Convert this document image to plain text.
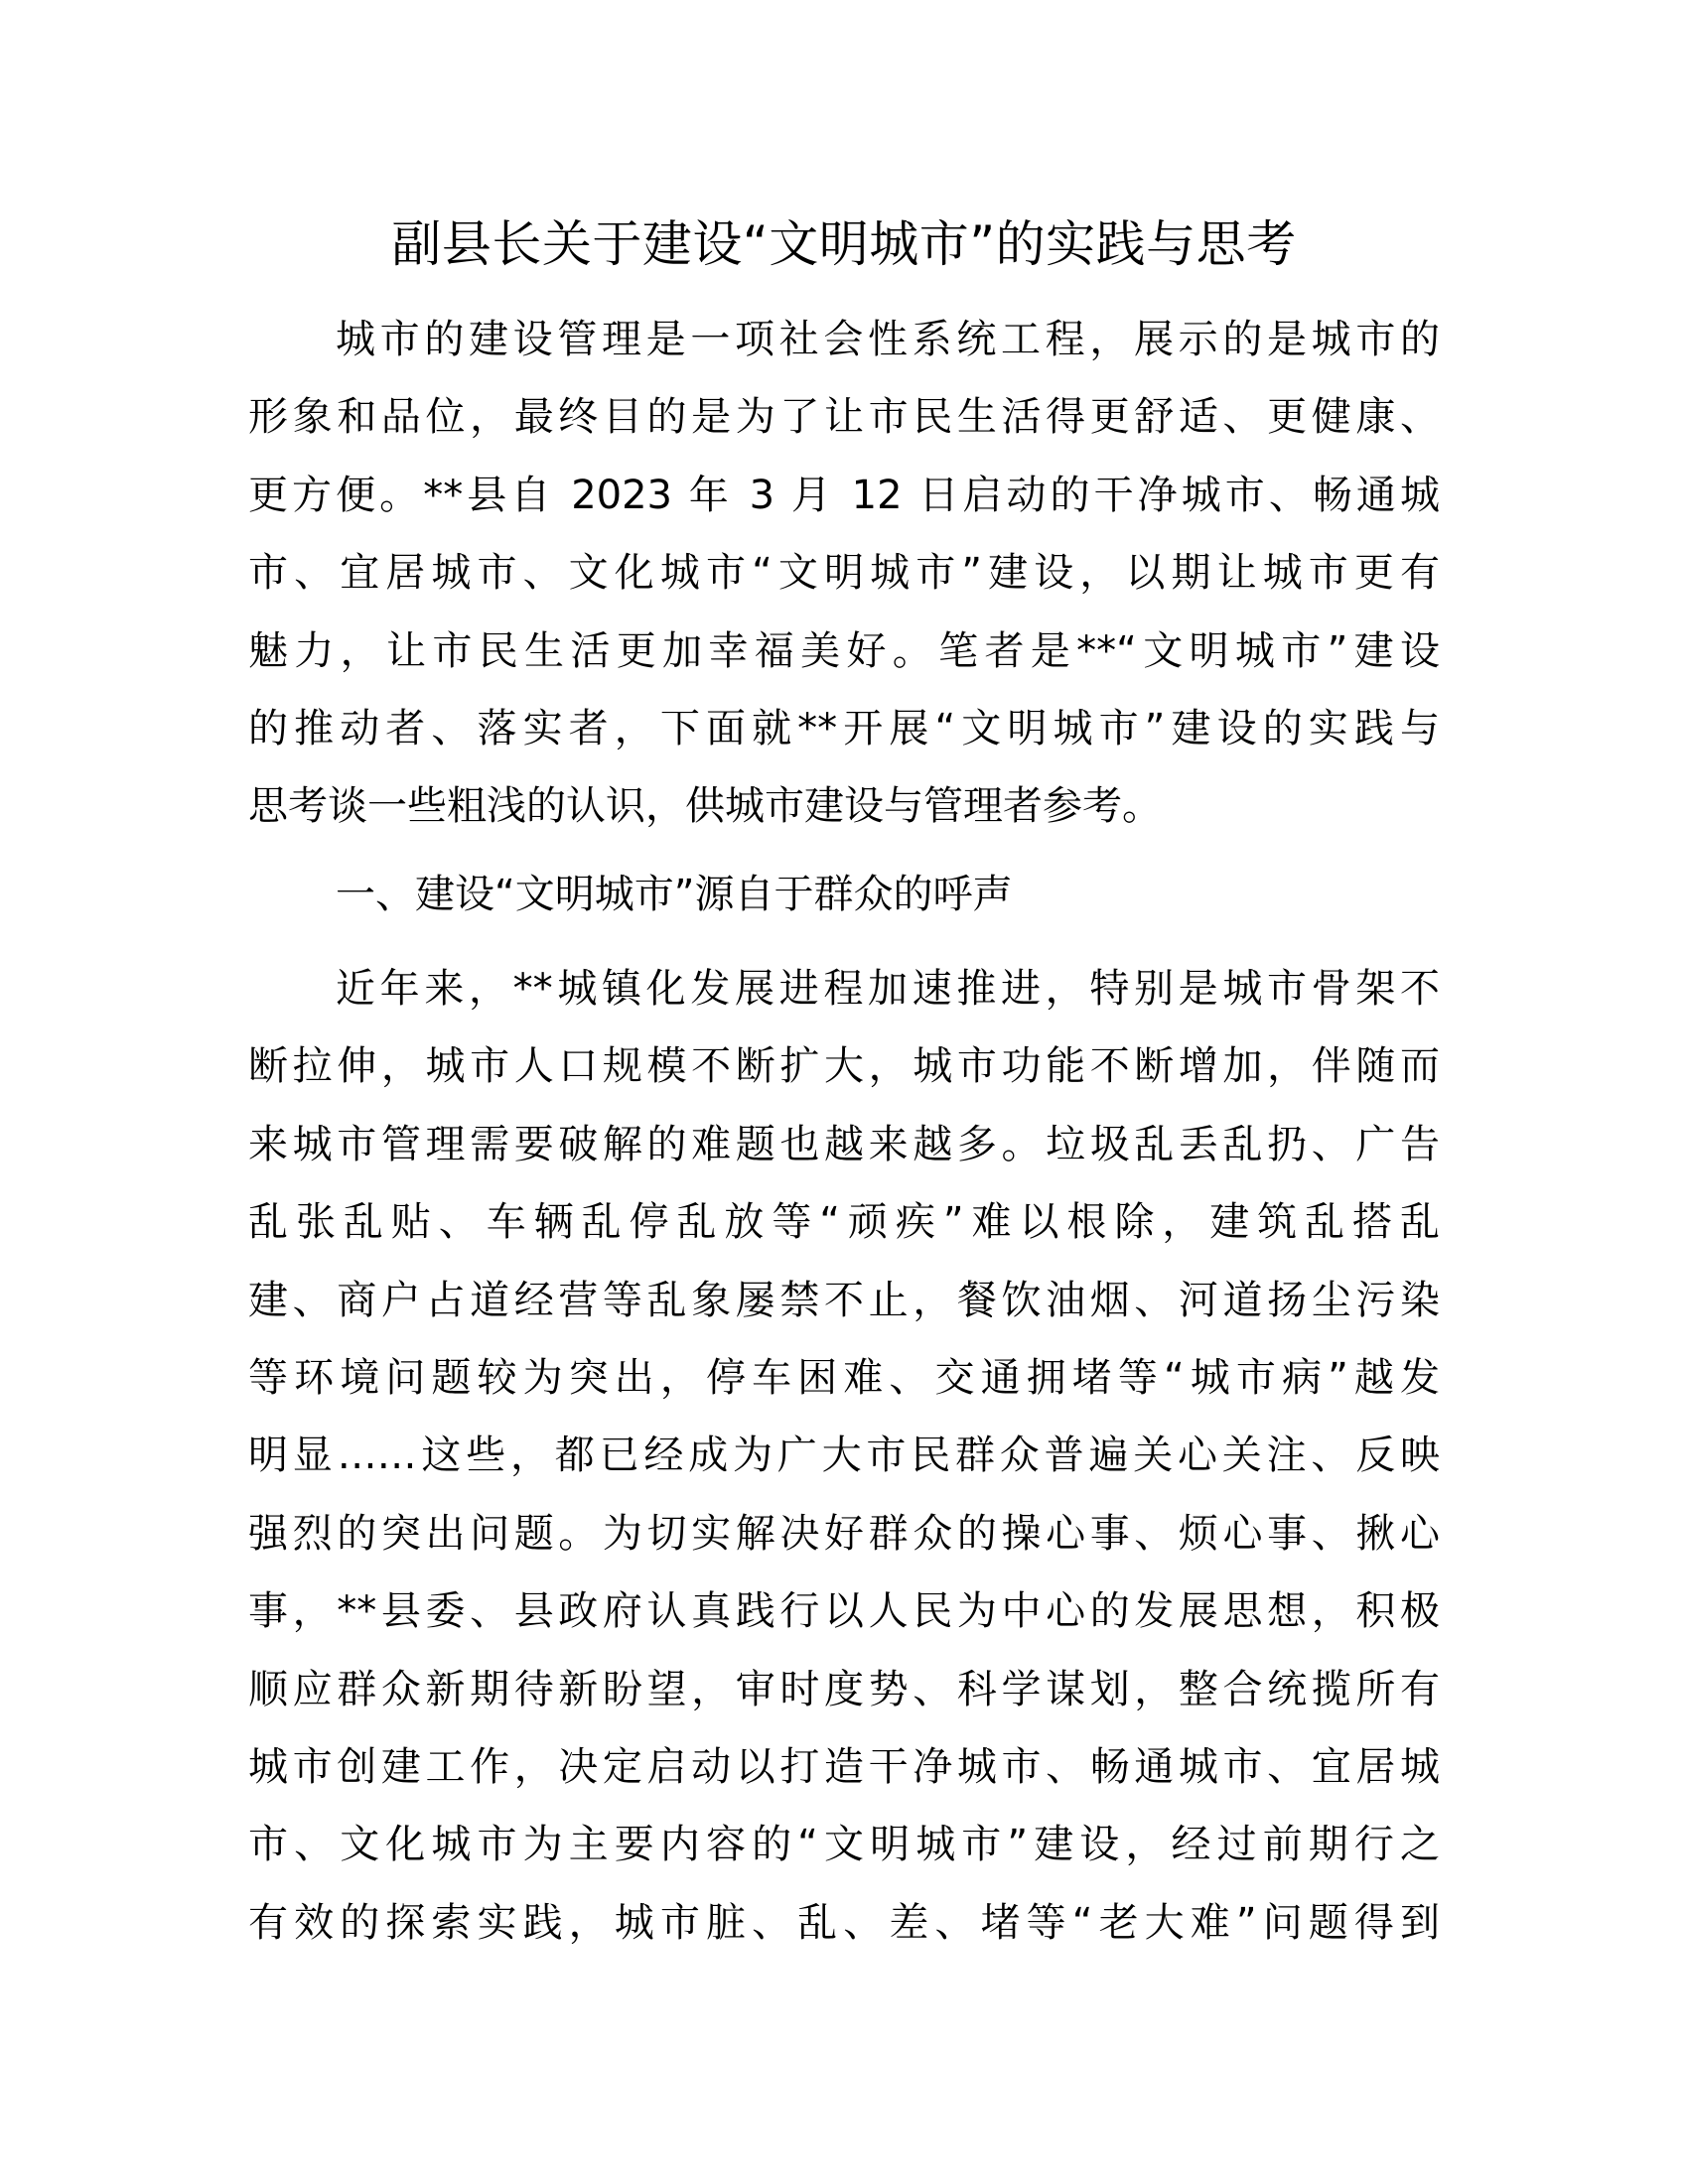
副县长关于建设“文明城市”的实践与思考
城市的建设管理是一项社会性系统工程，展示的是城市的
形象和品位，最终目的是为了让市民生活得更舒适、更健康、
更方便。**县自 2023 年 3 月 12 日启动的干净城市、畅通城
市、宜居城市、文化城市“文明城市”建设，以期让城市更有
魅力，让市民生活更加幸福美好。笔者是**“文明城市”建设
的推动者、落实者，下面就**开展“文明城市”建设的实践与
思考谈一些粗浅的认识，供城市建设与管理者参考。
一、建设“文明城市”源自于群众的呼声
近年来，**城镇化发展进程加速推进，特别是城市骨架不
断拉伸，城市人口规模不断扩大，城市功能不断增加，伴随而
来城市管理需要破解的难题也越来越多。垃圾乱丢乱扔、广告
乱张乱贴、车辆乱停乱放等“顽疾”难以根除，建筑乱搭乱
建、商户占道经营等乱象屡禁不止，餐饮油烟、河道扬尘污染
等环境问题较为突出，停车困难、交通拥堵等“城市病”越发
明显……这些，都已经成为广大市民群众普遍关心关注、反映
强烈的突出问题。为切实解决好群众的操心事、烦心事、揪心
事，**县委、县政府认真践行以人民为中心的发展思想，积极
顺应群众新期待新盼望，审时度势、科学谋划，整合统揽所有
城市创建工作，决定启动以打造干净城市、畅通城市、宜居城
市、文化城市为主要内容的“文明城市”建设，经过前期行之
有效的探索实践，城市脏、乱、差、堵等“老大难”问题得到
